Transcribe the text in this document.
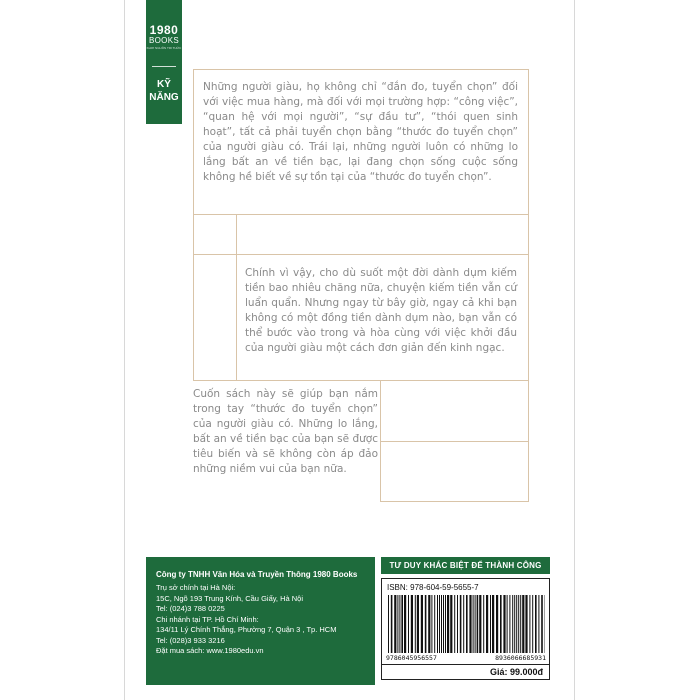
1980
BOOKS
KHƠI NGUỒN TRI THỨC
KỸ
NĂNG
Những người giàu, họ không chỉ “đắn đo, tuyển chọn” đối với việc mua hàng, mà đối với mọi trường hợp: “công việc”, “quan hệ với mọi người”, “sự đầu tư”, “thói quen sinh hoạt”, tất cả phải tuyển chọn bằng “thước đo tuyển chọn” của người giàu có. Trái lại, những người luôn có những lo lắng bất an về tiền bạc, lại đang chọn sống cuộc sống không hề biết về sự tồn tại của “thước đo tuyển chọn”.
Chính vì vậy, cho dù suốt một đời dành dụm kiếm tiền bao nhiêu chăng nữa, chuyện kiếm tiền vẫn cứ luẩn quẩn. Nhưng ngay từ bây giờ, ngay cả khi bạn không có một đồng tiền dành dụm nào, bạn vẫn có thể bước vào trong và hòa cùng với việc khởi đầu của người giàu một cách đơn giản đến kinh ngạc.
Cuốn sách này sẽ giúp bạn nắm trong tay “thước đo tuyển chọn” của người giàu có. Những lo lắng, bất an về tiền bạc của bạn sẽ được tiêu biến và sẽ không còn áp đảo những niềm vui của bạn nữa.
Công ty TNHH Văn Hóa và Truyền Thông 1980 Books
Trụ sở chính tại Hà Nội:
15C, Ngõ 193 Trung Kính, Cầu Giấy, Hà Nội
Tel: (024)3 788 0225
Chi nhánh tại TP. Hồ Chí Minh:
134/11 Lý Chính Thắng, Phường 7, Quận 3 , Tp. HCM
Tel: (028)3 933 3216
Đặt mua sách: www.1980edu.vn
TƯ DUY KHÁC BIỆT ĐỂ THÀNH CÔNG
ISBN: 978-604-59-5655-7
9786045956557	8936066685931
Giá: 99.000đ
